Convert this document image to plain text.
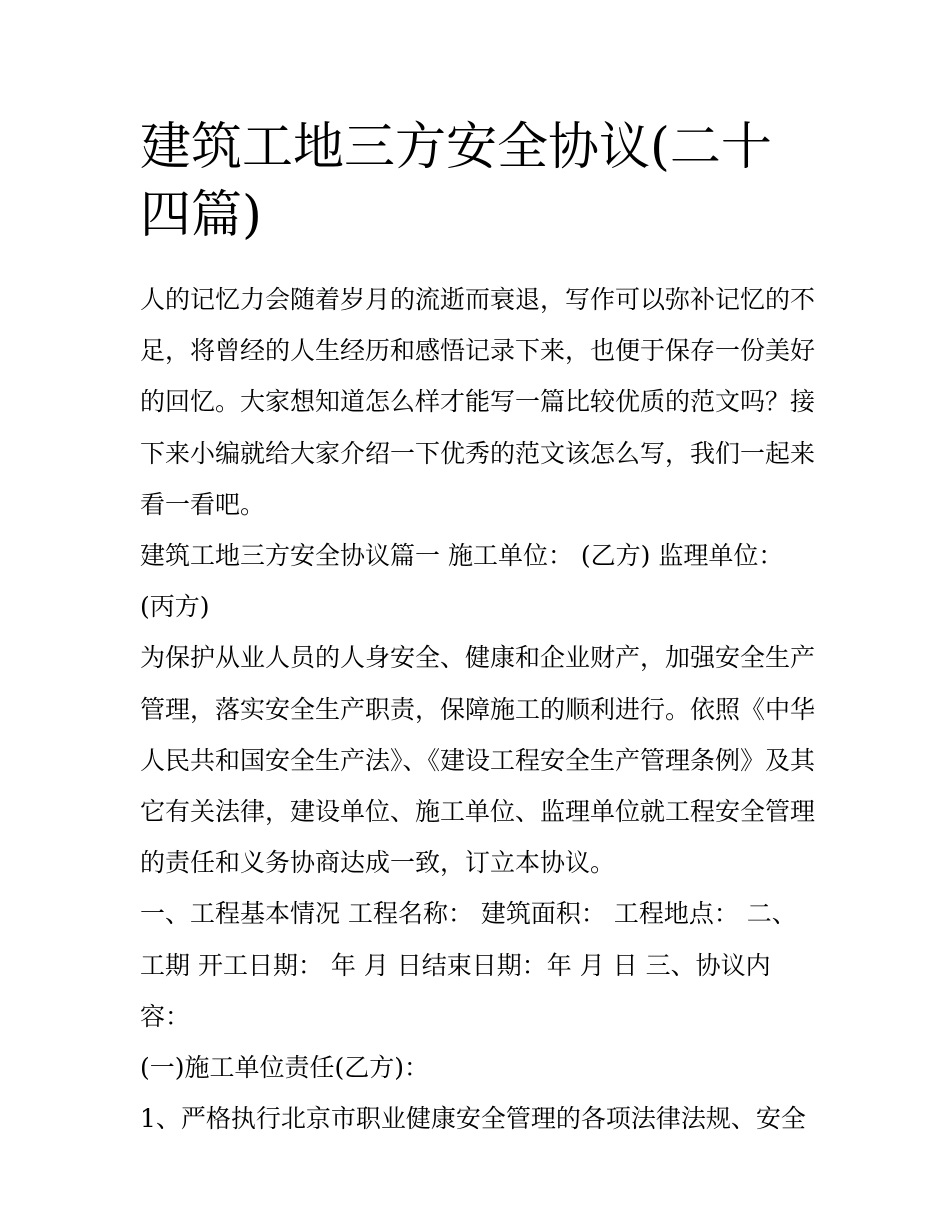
建筑工地三方安全协议(二十四篇)

人的记忆力会随着岁月的流逝而衰退，写作可以弥补记忆的不足，将曾经的人生经历和感悟记录下来，也便于保存一份美好的回忆。大家想知道怎么样才能写一篇比较优质的范文吗？接下来小编就给大家介绍一下优秀的范文该怎么写，我们一起来看一看吧。

建筑工地三方安全协议篇一 施工单位： (乙方) 监理单位： (丙方)

为保护从业人员的人身安全、健康和企业财产，加强安全生产管理，落实安全生产职责，保障施工的顺利进行。依照《中华人民共和国安全生产法》、《建设工程安全生产管理条例》及其它有关法律，建设单位、施工单位、监理单位就工程安全管理的责任和义务协商达成一致，订立本协议。

一、工程基本情况 工程名称： 建筑面积： 工程地点： 二、工期 开工日期： 年 月 日结束日期：年 月 日 三、协议内容：

(一)施工单位责任(乙方)：

1、严格执行北京市职业健康安全管理的各项法律法规、安全
